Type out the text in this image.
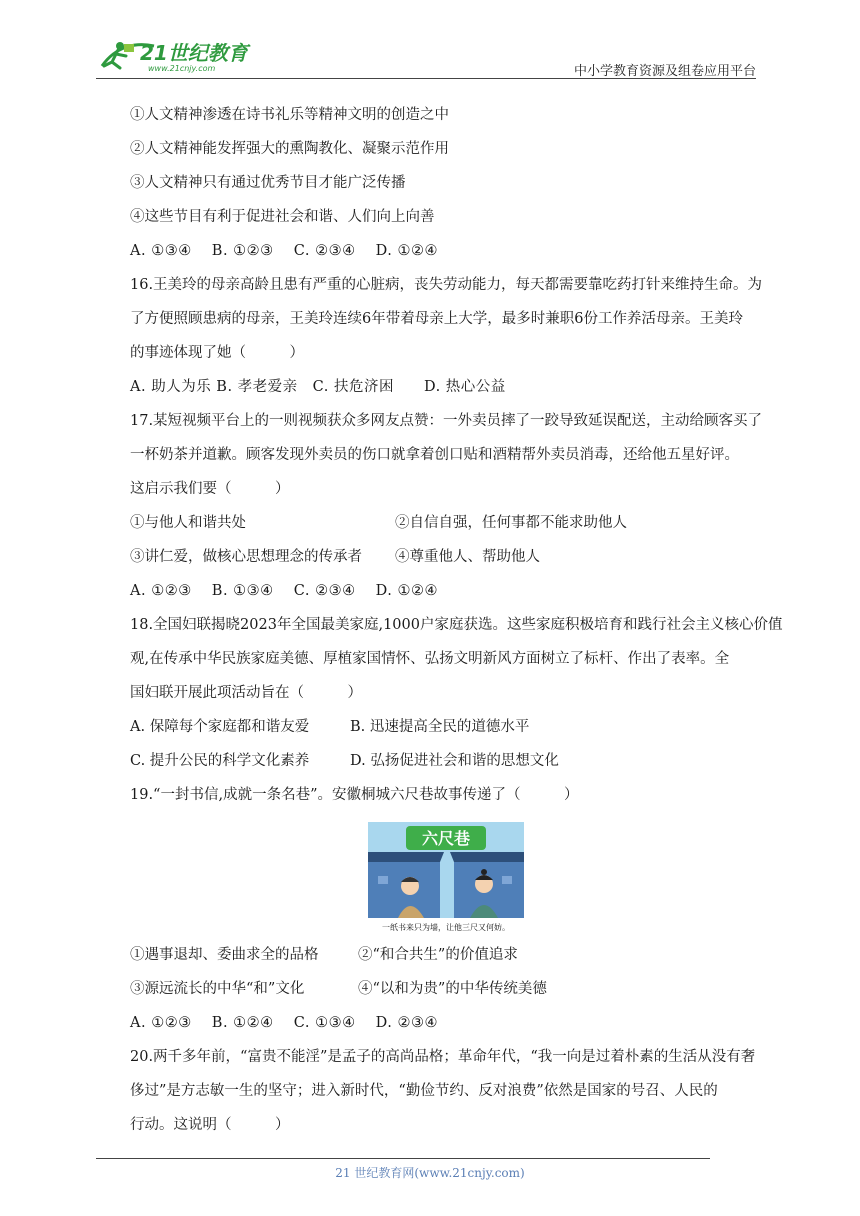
21世纪教育
www.21cnjy.com	中小学教育资源及组卷应用平台
①人文精神渗透在诗书礼乐等精神文明的创造之中
②人文精神能发挥强大的熏陶教化、凝聚示范作用
③人文精神只有通过优秀节目才能广泛传播
④这些节目有利于促进社会和谐、人们向上向善
A. ①③④　 B. ①②③　 C. ②③④　 D. ①②④
16.王美玲的母亲高龄且患有严重的心脏病，丧失劳动能力，每天都需要靠吃药打针来维持生命。为
了方便照顾患病的母亲，王美玲连续6年带着母亲上大学，最多时兼职6份工作养活母亲。王美玲
的事迹体现了她（　　　）
A. 助人为乐 B. 孝老爱亲　C. 扶危济困　　D. 热心公益
17.某短视频平台上的一则视频获众多网友点赞：一外卖员摔了一跤导致延误配送，主动给顾客买了
一杯奶茶并道歉。顾客发现外卖员的伤口就拿着创口贴和酒精帮外卖员消毒，还给他五星好评。
这启示我们要（　　　）
①与他人和谐共处	②自信自强，任何事都不能求助他人
③讲仁爱，做核心思想理念的传承者	④尊重他人、帮助他人
A. ①②③　 B. ①③④　 C. ②③④　 D. ①②④
18.全国妇联揭晓2023年全国最美家庭,1000户家庭获选。这些家庭积极培育和践行社会主义核心价值
观,在传承中华民族家庭美德、厚植家国情怀、弘扬文明新风方面树立了标杆、作出了表率。全
国妇联开展此项活动旨在（　　　）
A. 保障每个家庭都和谐友爱	B. 迅速提高全民的道德水平
C. 提升公民的科学文化素养	D. 弘扬促进社会和谐的思想文化
19.“一封书信,成就一条名巷”。安徽桐城六尺巷故事传递了（　　　）
六尺巷
一纸书来只为墙，让他三尺又何妨。
①遇事退却、委曲求全的品格	②“和合共生”的价值追求
③源远流长的中华“和”文化	④“以和为贵”的中华传统美德
A. ①②③　 B. ①②④　 C. ①③④　 D. ②③④
20.两千多年前，“富贵不能淫”是孟子的高尚品格；革命年代，“我一向是过着朴素的生活从没有奢
侈过”是方志敏一生的坚守；进入新时代，“勤俭节约、反对浪费”依然是国家的号召、人民的
行动。这说明（　　　）
21 世纪教育网(www.21cnjy.com)
